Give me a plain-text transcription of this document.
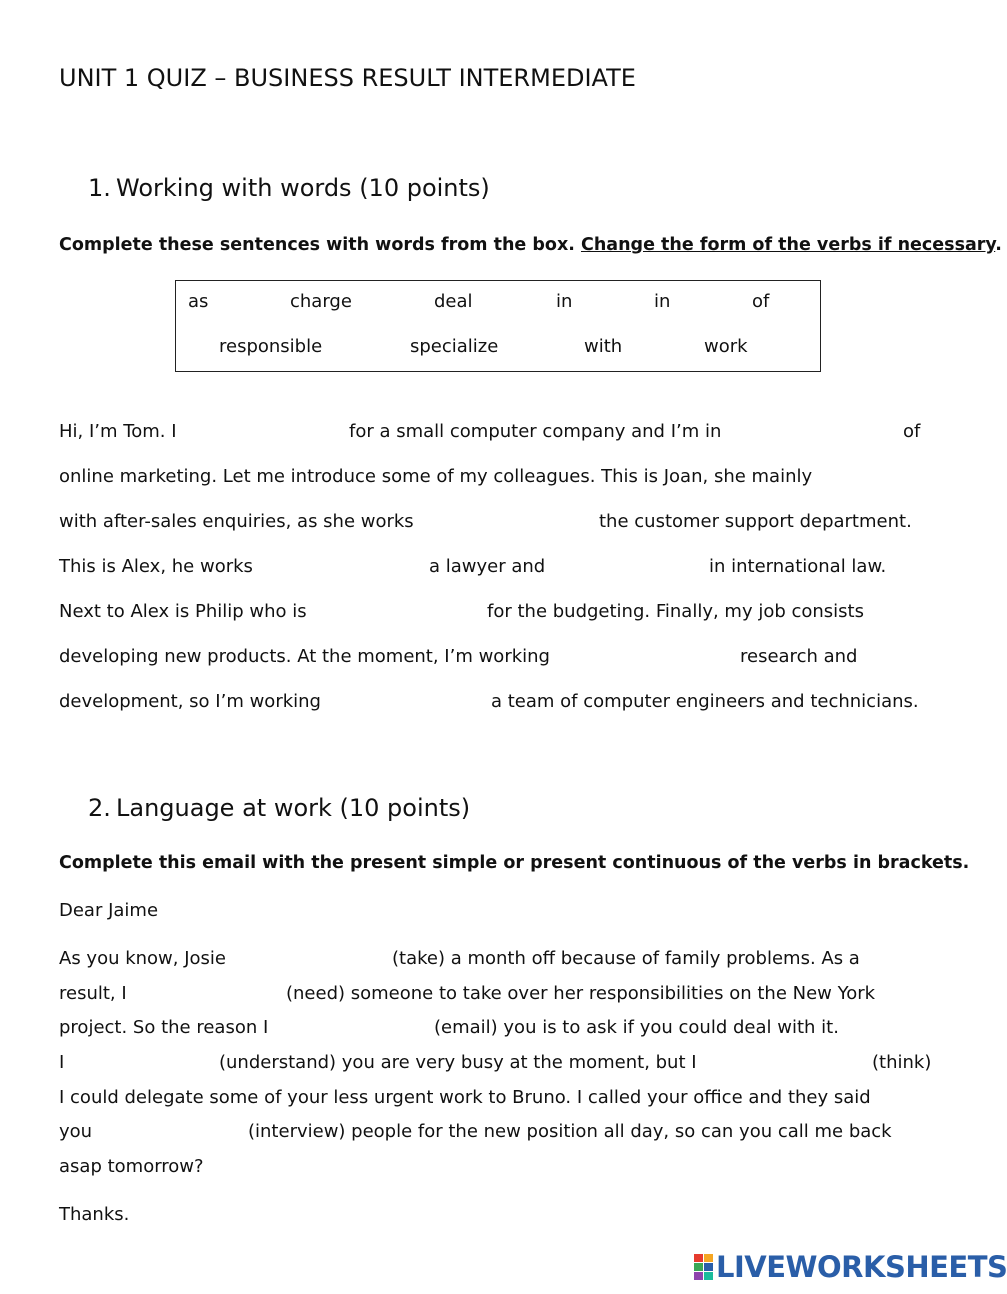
UNIT 1 QUIZ – BUSINESS RESULT INTERMEDIATE
1. Working with words (10 points)
Complete these sentences with words from the box. Change the form of the verbs if necessary.
as	charge	deal	in	in	of
responsible	specialize	with	work
Hi, I’m Tom. I	for a small computer company and I’m in	of
online marketing. Let me introduce some of my colleagues. This is Joan, she mainly
with after-sales enquiries, as she works	the customer support department.
This is Alex, he works	a lawyer and	in international law.
Next to Alex is Philip who is	for the budgeting. Finally, my job consists
developing new products. At the moment, I’m working	research and
development, so I’m working	a team of computer engineers and technicians.
2. Language at work (10 points)
Complete this email with the present simple or present continuous of the verbs in brackets.
Dear Jaime
As you know, Josie	(take) a month off because of family problems. As a
result, I	(need) someone to take over her responsibilities on the New York
project. So the reason I	(email) you is to ask if you could deal with it.
I	(understand) you are very busy at the moment, but I	(think)
I could delegate some of your less urgent work to Bruno. I called your office and they said
you	(interview) people for the new position all day, so can you call me back
asap tomorrow?
Thanks.
LIVEWORKSHEETS
